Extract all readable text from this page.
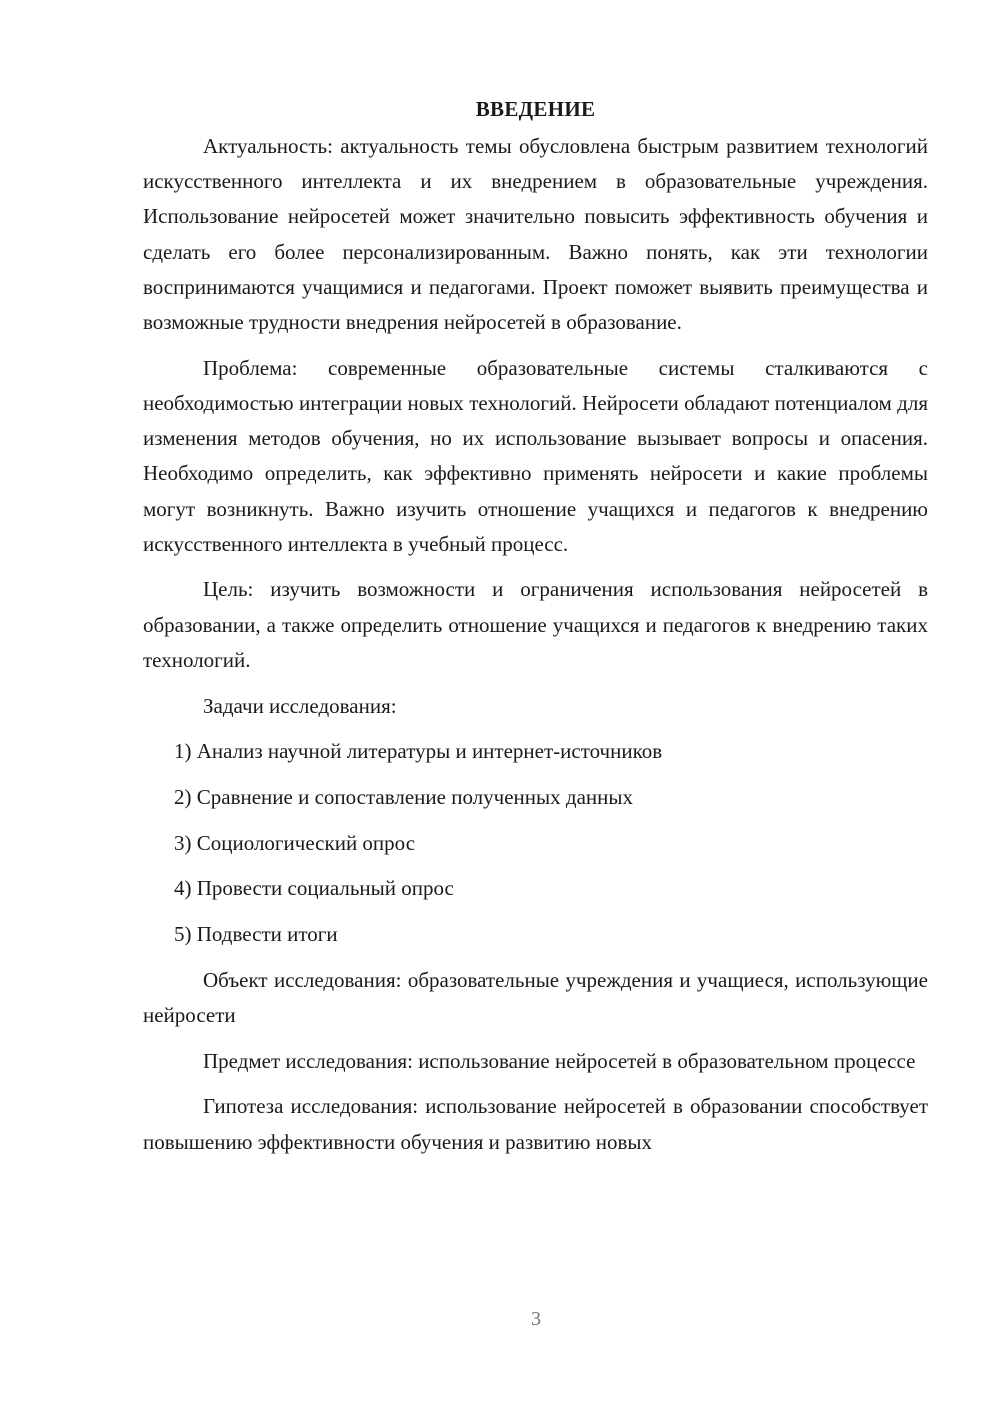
ВВЕДЕНИЕ

Актуальность: актуальность темы обусловлена быстрым развитием технологий искусственного интеллекта и их внедрением в образовательные учреждения. Использование нейросетей может значительно повысить эффективность обучения и сделать его более персонализированным. Важно понять, как эти технологии воспринимаются учащимися и педагогами. Проект поможет выявить преимущества и возможные трудности внедрения нейросетей в образование.

Проблема: современные образовательные системы сталкиваются с необходимостью интеграции новых технологий. Нейросети обладают потенциалом для изменения методов обучения, но их использование вызывает вопросы и опасения. Необходимо определить, как эффективно применять нейросети и какие проблемы могут возникнуть. Важно изучить отношение учащихся и педагогов к внедрению искусственного интеллекта в учебный процесс.

Цель: изучить возможности и ограничения использования нейросетей в образовании, а также определить отношение учащихся и педагогов к внедрению таких технологий.

Задачи исследования:

1) Анализ научной литературы и интернет-источников
2) Сравнение и сопоставление полученных данных
3) Социологический опрос
4) Провести социальный опрос
5) Подвести итоги

Объект исследования: образовательные учреждения и учащиеся, использующие нейросети

Предмет исследования: использование нейросетей в образовательном процессе

Гипотеза исследования: использование нейросетей в образовании способствует повышению эффективности обучения и развитию новых

3
